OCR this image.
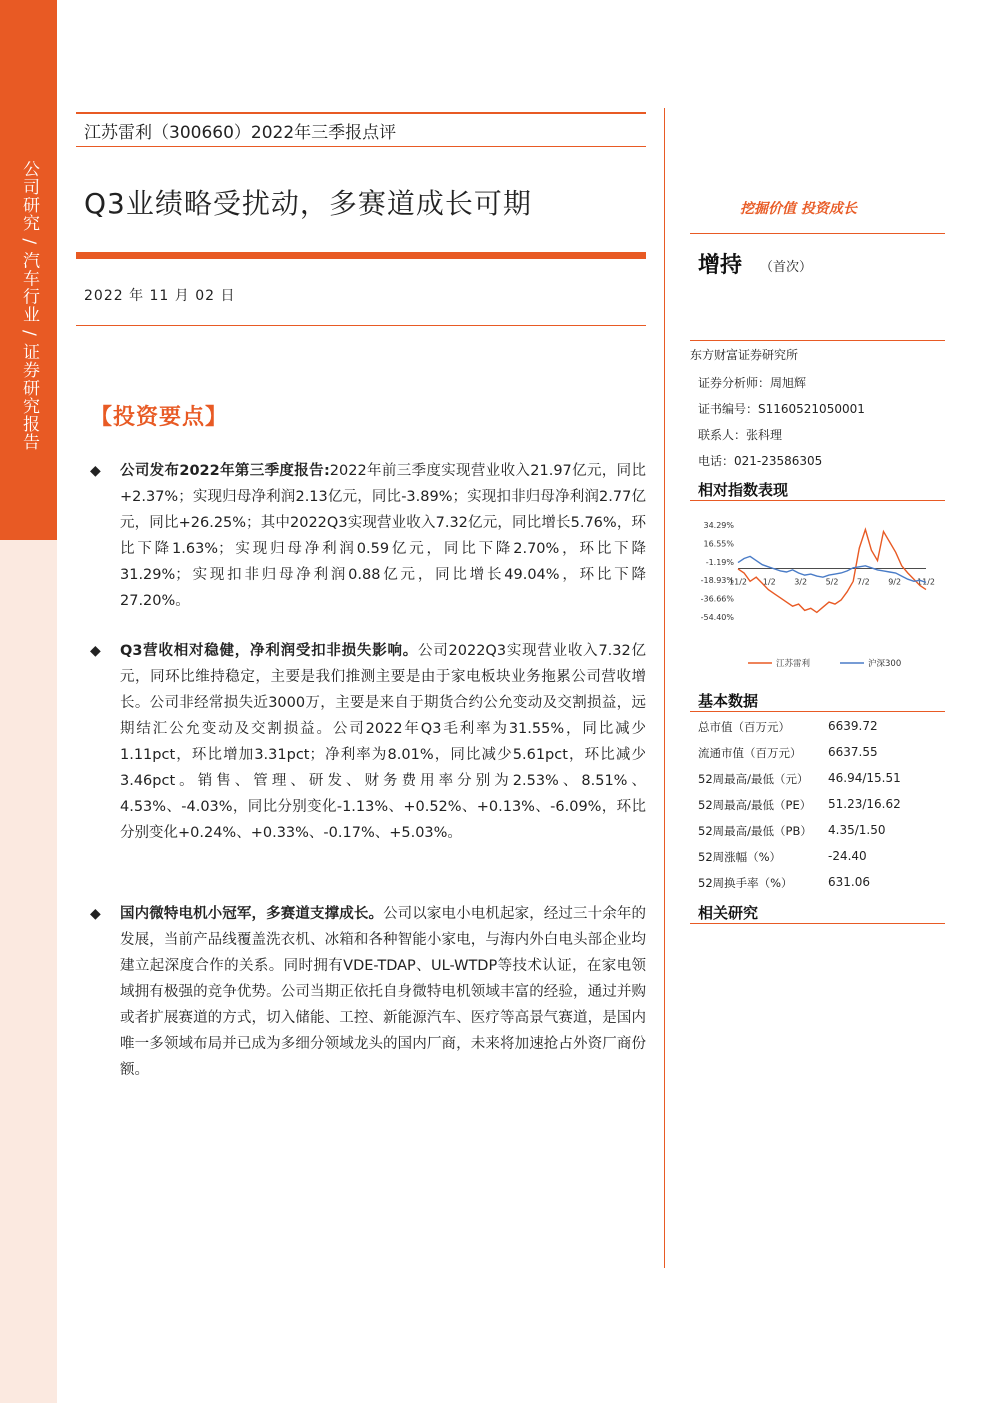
公司研究 / 汽车行业 / 证券研究报告
江苏雷利（300660）2022年三季报点评
Q3业绩略受扰动，多赛道成长可期
2022 年 11 月 02 日
【投资要点】
◆ 公司发布2022年第三季度报告:2022年前三季度实现营业收入21.97亿元，同比+2.37%；实现归母净利润2.13亿元，同比-3.89%；实现扣非归母净利润2.77亿元，同比+26.25%；其中2022Q3实现营业收入7.32亿元，同比增长5.76%，环比下降1.63%；实现归母净利润0.59亿元，同比下降2.70%，环比下降31.29%；实现扣非归母净利润0.88亿元，同比增长49.04%，环比下降27.20%。
◆ Q3营收相对稳健，净利润受扣非损失影响。公司2022Q3实现营业收入7.32亿元，同环比维持稳定，主要是我们推测主要是由于家电板块业务拖累公司营收增长。公司非经常损失近3000万，主要是来自于期货合约公允变动及交割损益，远期结汇公允变动及交割损益。公司2022年Q3毛利率为31.55%，同比减少1.11pct，环比增加3.31pct；净利率为8.01%，同比减少5.61pct，环比减少3.46pct。销售、管理、研发、财务费用率分别为2.53%、8.51%、4.53%、-4.03%，同比分别变化-1.13%、+0.52%、+0.13%、-6.09%，环比分别变化+0.24%、+0.33%、-0.17%、+5.03%。
◆ 国内微特电机小冠军，多赛道支撑成长。公司以家电小电机起家，经过三十余年的发展，当前产品线覆盖洗衣机、冰箱和各种智能小家电，与海内外白电头部企业均建立起深度合作的关系。同时拥有VDE-TDAP、UL-WTDP等技术认证，在家电领域拥有极强的竞争优势。公司当期正依托自身微特电机领域丰富的经验，通过并购或者扩展赛道的方式，切入储能、工控、新能源汽车、医疗等高景气赛道，是国内唯一多领域布局并已成为多细分领域龙头的国内厂商，未来将加速抢占外资厂商份额。
挖掘价值 投资成长
增持 （首次）
东方财富证券研究所
证券分析师：周旭辉
证书编号：S1160521050001
联系人：张科理
电话：021-23586305
相对指数表现
34.29%
16.55%
-1.19%
-18.93%
-36.66%
-54.40%
11/2 1/2 3/2 5/2 7/2 9/2 11/2
江苏雷利	沪深300
基本数据
总市值（百万元）	6639.72
流通市值（百万元） 6637.55
52周最高/最低（元） 46.94/15.51
52周最高/最低（PE） 51.23/16.62
52周最高/最低（PB） 4.35/1.50
52周涨幅（%）	-24.40
52周换手率（%）	631.06
相关研究
